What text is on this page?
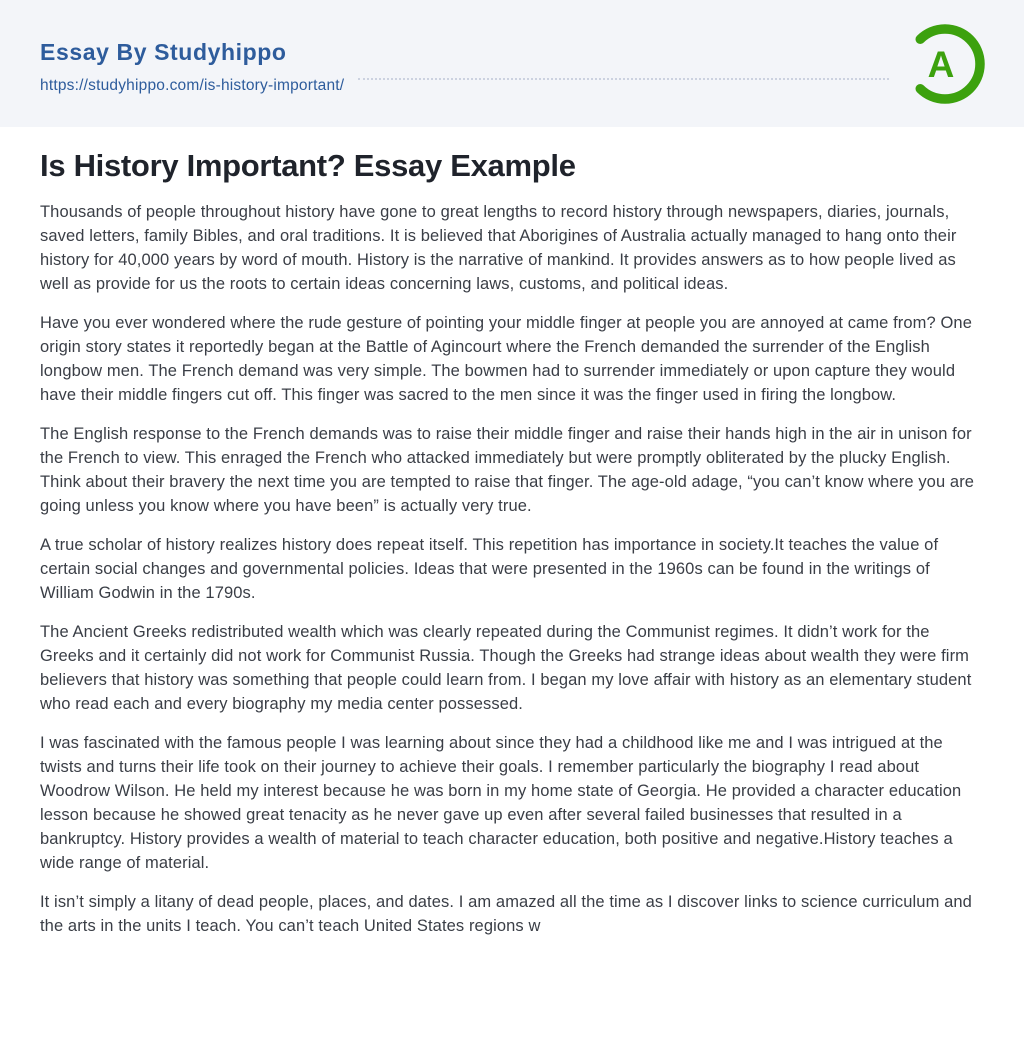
Essay By Studyhippo
https://studyhippo.com/is-history-important/
A
Is History Important? Essay Example

Thousands of people throughout history have gone to great lengths to record history through newspapers, diaries, journals, saved letters, family Bibles, and oral traditions. It is believed that Aborigines of Australia actually managed to hang onto their history for 40,000 years by word of mouth. History is the narrative of mankind. It provides answers as to how people lived as well as provide for us the roots to certain ideas concerning laws, customs, and political ideas.

Have you ever wondered where the rude gesture of pointing your middle finger at people you are annoyed at came from? One origin story states it reportedly began at the Battle of Agincourt where the French demanded the surrender of the English longbow men. The French demand was very simple. The bowmen had to surrender immediately or upon capture they would have their middle fingers cut off. This finger was sacred to the men since it was the finger used in firing the longbow.

The English response to the French demands was to raise their middle finger and raise their hands high in the air in unison for the French to view. This enraged the French who attacked immediately but were promptly obliterated by the plucky English. Think about their bravery the next time you are tempted to raise that finger. The age-old adage, “you can’t know where you are going unless you know where you have been” is actually very true.

A true scholar of history realizes history does repeat itself. This repetition has importance in society.It teaches the value of certain social changes and governmental policies. Ideas that were presented in the 1960s can be found in the writings of William Godwin in the 1790s.

The Ancient Greeks redistributed wealth which was clearly repeated during the Communist regimes. It didn’t work for the Greeks and it certainly did not work for Communist Russia. Though the Greeks had strange ideas about wealth they were firm believers that history was something that people could learn from. I began my love affair with history as an elementary student who read each and every biography my media center possessed.

I was fascinated with the famous people I was learning about since they had a childhood like me and I was intrigued at the twists and turns their life took on their journey to achieve their goals. I remember particularly the biography I read about Woodrow Wilson. He held my interest because he was born in my home state of Georgia. He provided a character education lesson because he showed great tenacity as he never gave up even after several failed businesses that resulted in a bankruptcy. History provides a wealth of material to teach character education, both positive and negative.History teaches a wide range of material.

It isn’t simply a litany of dead people, places, and dates. I am amazed all the time as I discover links to science curriculum and the arts in the units I teach. You can’t teach United States regions w
